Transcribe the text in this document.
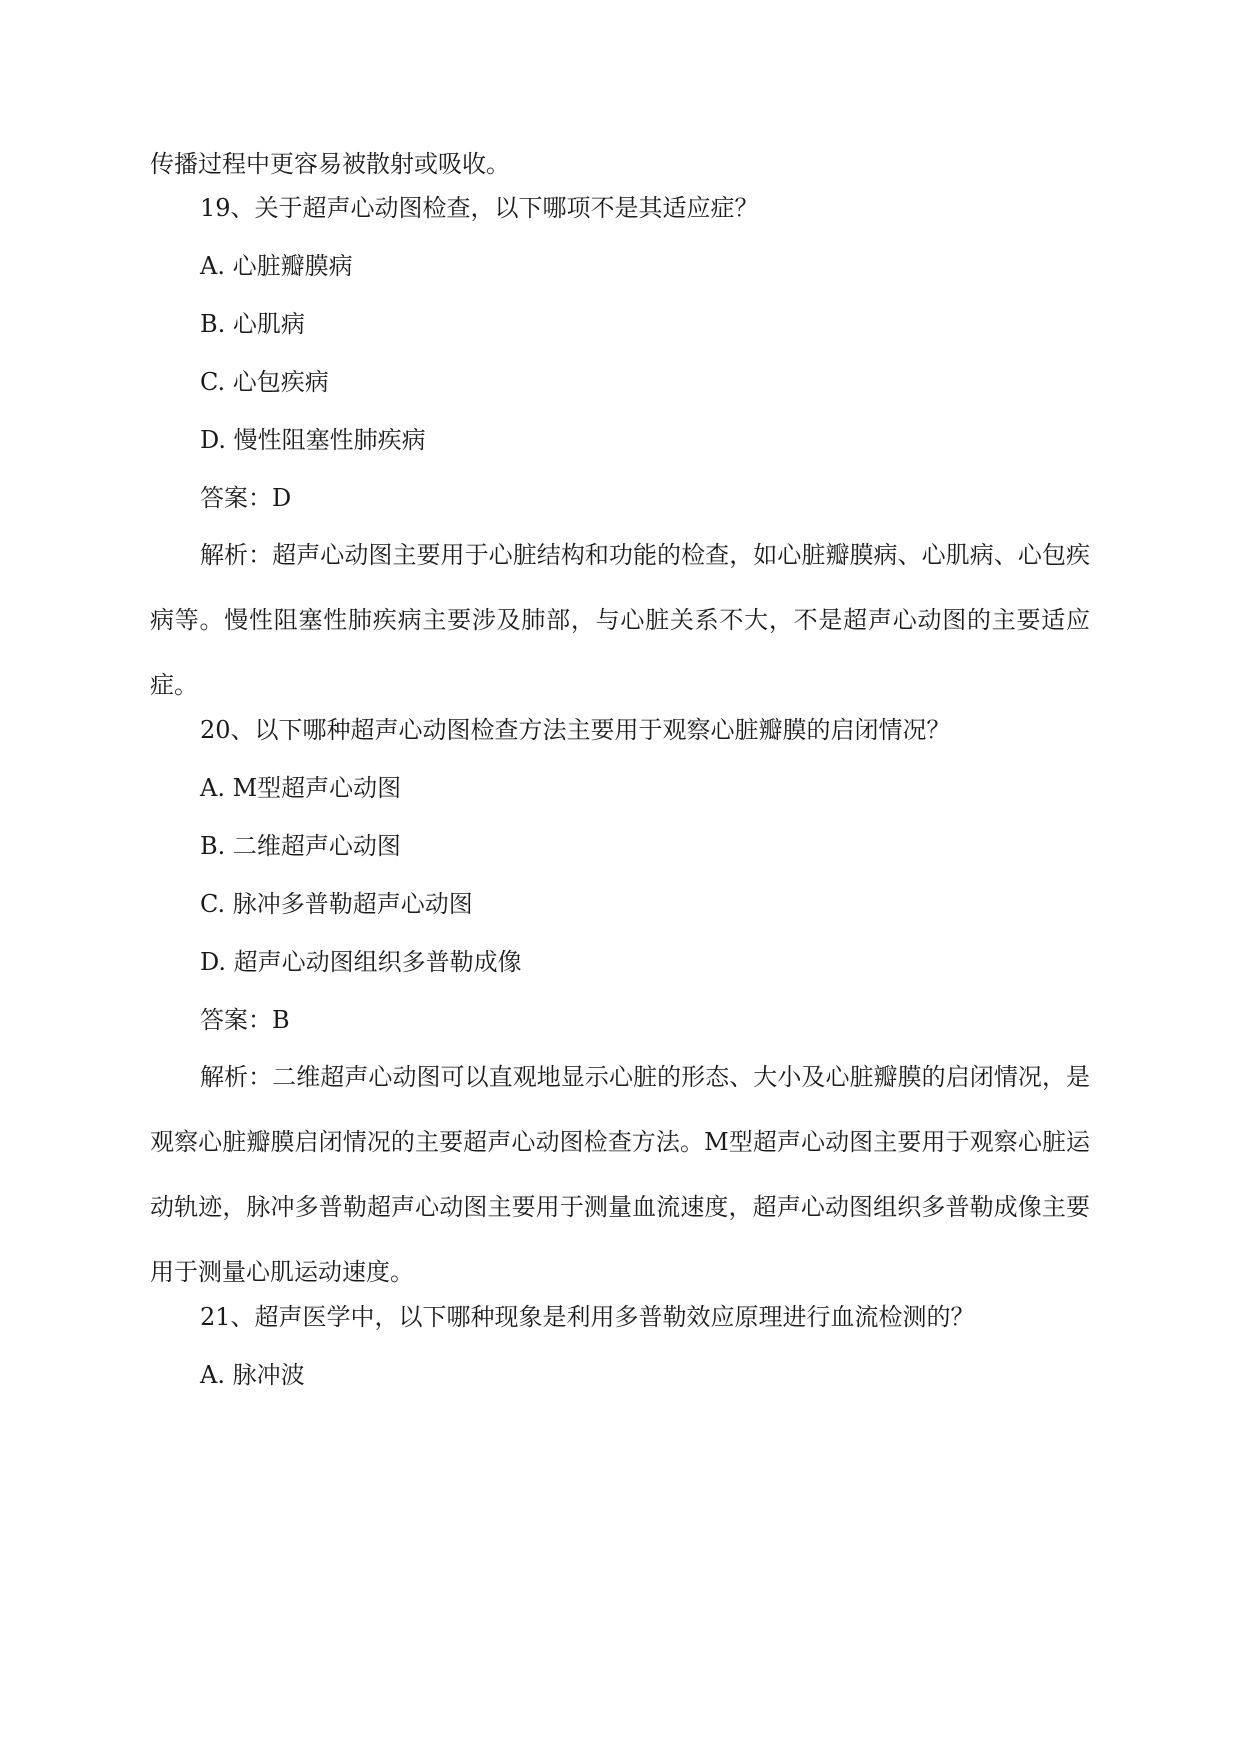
传播过程中更容易被散射或吸收。
19、关于超声心动图检查，以下哪项不是其适应症？
A. 心脏瓣膜病
B. 心肌病
C. 心包疾病
D. 慢性阻塞性肺疾病
答案：D
解析：超声心动图主要用于心脏结构和功能的检查，如心脏瓣膜病、心肌病、心包疾病等。慢性阻塞性肺疾病主要涉及肺部，与心脏关系不大，不是超声心动图的主要适应症。
20、以下哪种超声心动图检查方法主要用于观察心脏瓣膜的启闭情况？
A. M型超声心动图
B. 二维超声心动图
C. 脉冲多普勒超声心动图
D. 超声心动图组织多普勒成像
答案：B
解析：二维超声心动图可以直观地显示心脏的形态、大小及心脏瓣膜的启闭情况，是观察心脏瓣膜启闭情况的主要超声心动图检查方法。M型超声心动图主要用于观察心脏运动轨迹，脉冲多普勒超声心动图主要用于测量血流速度，超声心动图组织多普勒成像主要用于测量心肌运动速度。
21、超声医学中，以下哪种现象是利用多普勒效应原理进行血流检测的？
A. 脉冲波
